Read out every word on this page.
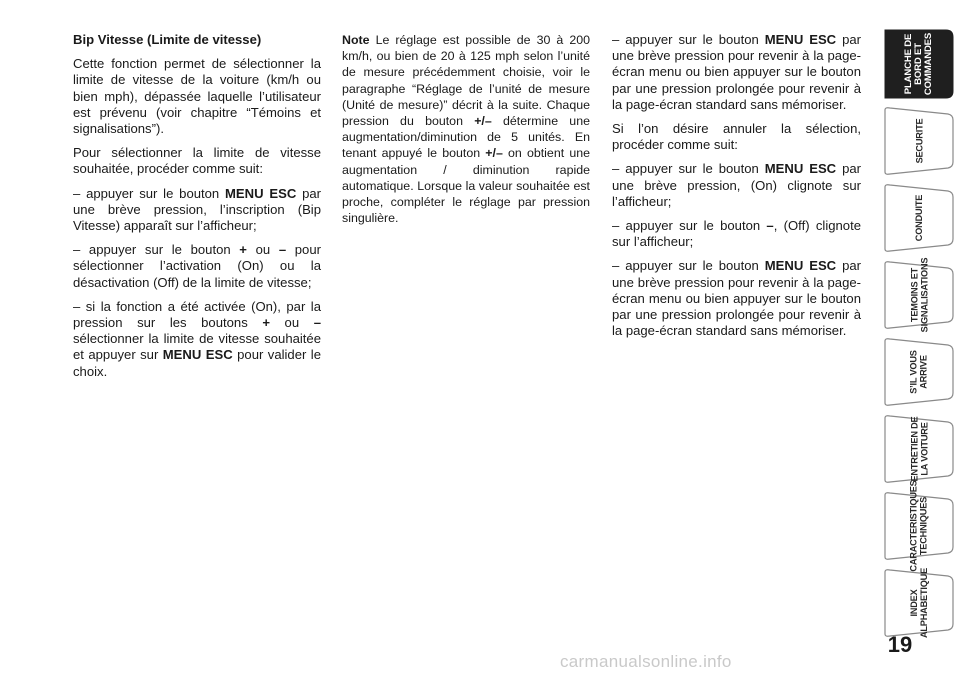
Bip Vitesse (Limite de vitesse)

Cette fonction permet de sélectionner la limite de vitesse de la voiture (km/h ou bien mph), dépassée laquelle l’utilisateur est prévenu (voir chapitre “Témoins et signalisations”).

Pour sélectionner la limite de vitesse souhaitée, procéder comme suit:

– appuyer sur le bouton MENU ESC par une brève pression, l’inscription (Bip Vitesse) apparaît sur l’afficheur;

– appuyer sur le bouton + ou – pour sélectionner l’activation (On) ou la désactivation (Off) de la limite de vitesse;

– si la fonction a été activée (On), par la pression sur les boutons + ou – sélectionner la limite de vitesse souhaitée et appuyer sur MENU ESC pour valider le choix.

Note Le réglage est possible de 30 à 200 km/h, ou bien de 20 à 125 mph selon l’unité de mesure précédemment choisie, voir le paragraphe “Réglage de l’unité de mesure (Unité de mesure)” décrit à la suite. Chaque pression du bouton +/– détermine une augmentation/diminution de 5 unités. En tenant appuyé le bouton +/– on obtient une augmentation / diminution rapide automatique. Lorsque la valeur souhaitée est proche, compléter le réglage par pression singulière.

– appuyer sur le bouton MENU ESC par une brève pression pour revenir à la page-écran menu ou bien appuyer sur le bouton par une pression prolongée pour revenir à la page-écran standard sans mémoriser.

Si l’on désire annuler la sélection, procéder comme suit:

– appuyer sur le bouton MENU ESC par une brève pression, (On) clignote sur l’afficheur;

– appuyer sur le bouton –, (Off) clignote sur l’afficheur;

– appuyer sur le bouton MENU ESC par une brève pression pour revenir à la page-écran menu ou bien appuyer sur le bouton par une pression prolongée pour revenir à la page-écran standard sans mémoriser.

PLANCHE DE
BORD ET
COMMANDES
SECURITE
CONDUITE
TEMOINS ET
SIGNALISATIONS
S’IL VOUS
ARRIVE
ENTRETIEN DE
LA VOITURE
CARACTERISTIQUES
TECHNIQUES
INDEX
ALPHABETIQUE
19
carmanualsonline.info
